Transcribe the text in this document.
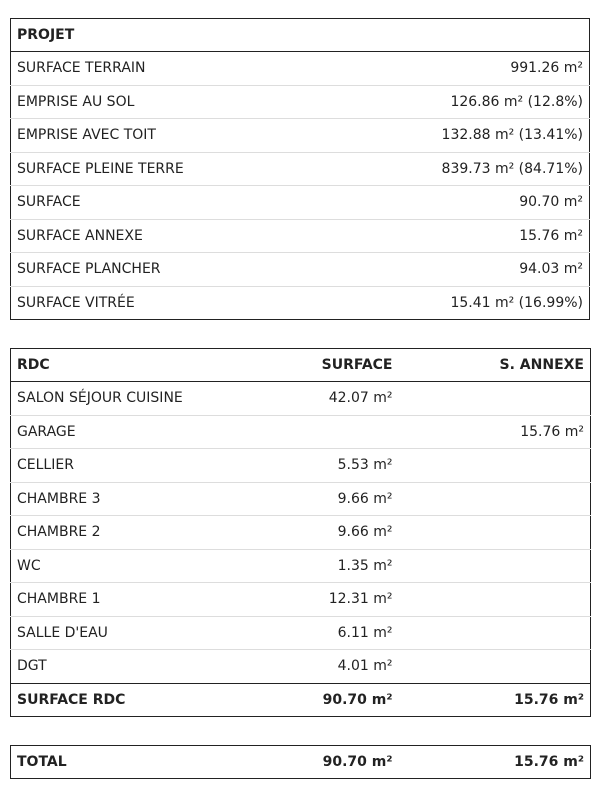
PROJET	
SURFACE TERRAIN	991.26 m²
EMPRISE AU SOL	126.86 m² (12.8%)
EMPRISE AVEC TOIT	132.88 m² (13.41%)
SURFACE PLEINE TERRE	839.73 m² (84.71%)
SURFACE	90.70 m²
SURFACE ANNEXE	15.76 m²
SURFACE PLANCHER	94.03 m²
SURFACE VITRÉE	15.41 m² (16.99%)
RDC	SURFACE	S. ANNEXE
SALON SÉJOUR CUISINE	42.07 m²	
GARAGE		15.76 m²
CELLIER	5.53 m²	
CHAMBRE 3	9.66 m²	
CHAMBRE 2	9.66 m²	
WC	1.35 m²	
CHAMBRE 1	12.31 m²	
SALLE D'EAU	6.11 m²	
DGT	4.01 m²	
SURFACE RDC	90.70 m²	15.76 m²
TOTAL	90.70 m²	15.76 m²
